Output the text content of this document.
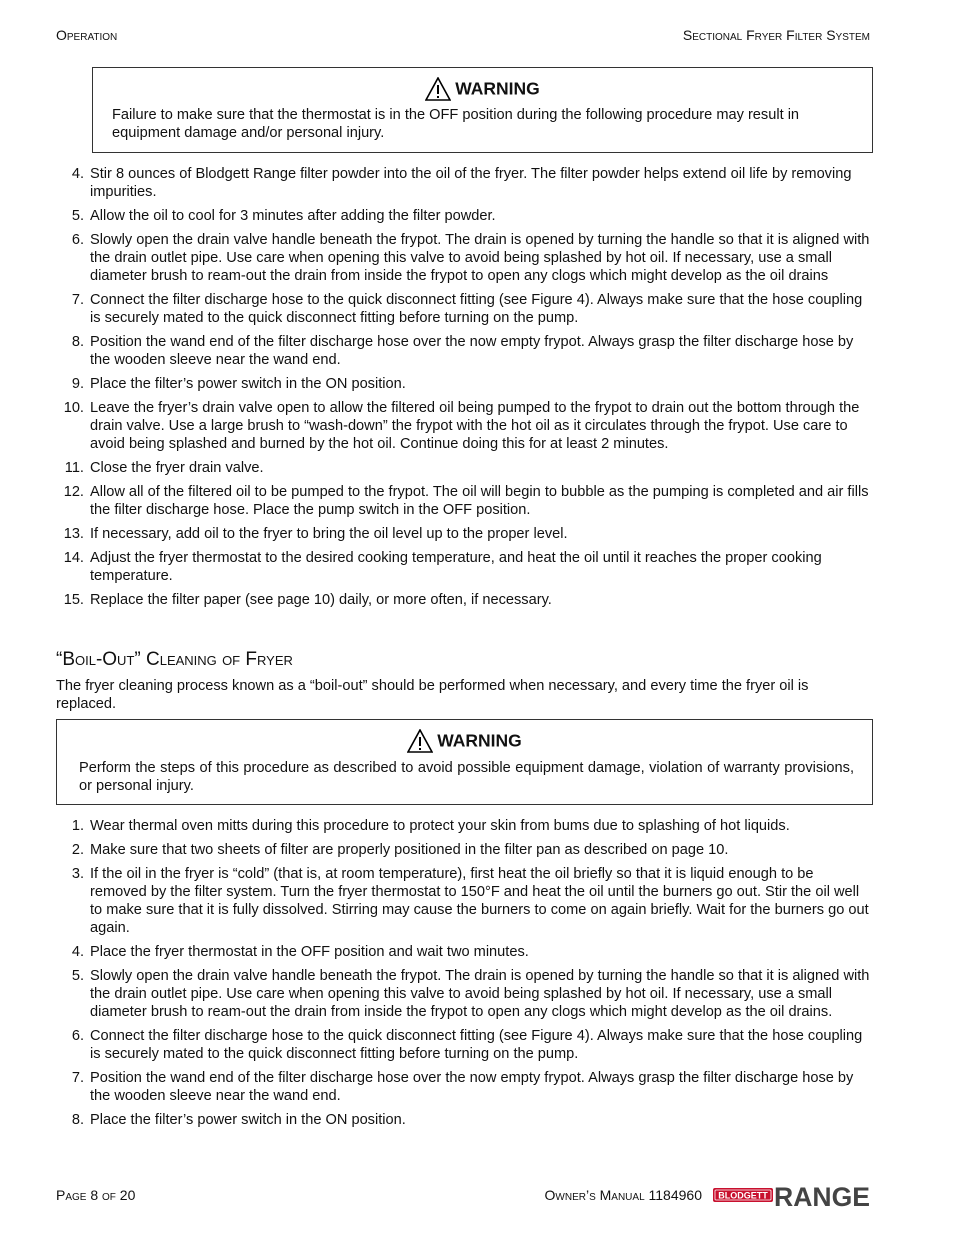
Operation	Sectional Fryer Filter System
WARNING
Failure to make sure that the thermostat is in the OFF position during the following procedure may result in equipment damage and/or personal injury.
4. Stir 8 ounces of Blodgett Range filter powder into the oil of the fryer. The filter powder helps extend oil life by removing impurities.
5. Allow the oil to cool for 3 minutes after adding the filter powder.
6. Slowly open the drain valve handle beneath the frypot. The drain is opened by turning the handle so that it is aligned with the drain outlet pipe. Use care when opening this valve to avoid being splashed by hot oil. If necessary, use a small diameter brush to ream-out the drain from inside the frypot to open any clogs which might develop as the oil drains
7. Connect the filter discharge hose to the quick disconnect fitting (see Figure 4). Always make sure that the hose coupling is securely mated to the quick disconnect fitting before turning on the pump.
8. Position the wand end of the filter discharge hose over the now empty frypot. Always grasp the filter discharge hose by the wooden sleeve near the wand end.
9. Place the filter’s power switch in the ON position.
10. Leave the fryer’s drain valve open to allow the filtered oil being pumped to the frypot to drain out the bottom through the drain valve. Use a large brush to “wash-down” the frypot with the hot oil as it circulates through the frypot. Use care to avoid being splashed and burned by the hot oil. Continue doing this for at least 2 minutes.
11. Close the fryer drain valve.
12. Allow all of the filtered oil to be pumped to the frypot. The oil will begin to bubble as the pumping is completed and air fills the filter discharge hose. Place the pump switch in the OFF position.
13. If necessary, add oil to the fryer to bring the oil level up to the proper level.
14. Adjust the fryer thermostat to the desired cooking temperature, and heat the oil until it reaches the proper cooking temperature.
15. Replace the filter paper (see page 10) daily, or more often, if necessary.
“Boil-Out” Cleaning of Fryer
The fryer cleaning process known as a “boil-out” should be performed when necessary, and every time the fryer oil is replaced.
WARNING
Perform the steps of this procedure as described to avoid possible equipment damage, violation of warranty provisions, or personal injury.
1. Wear thermal oven mitts during this procedure to protect your skin from bums due to splashing of hot liquids.
2. Make sure that two sheets of filter are properly positioned in the filter pan as described on page 10.
3. If the oil in the fryer is “cold” (that is, at room temperature), first heat the oil briefly so that it is liquid enough to be removed by the filter system. Turn the fryer thermostat to 150°F and heat the oil until the burners go out. Stir the oil well to make sure that it is fully dissolved. Stirring may cause the burners to come on again briefly. Wait for the burners go out again.
4. Place the fryer thermostat in the OFF position and wait two minutes.
5. Slowly open the drain valve handle beneath the frypot. The drain is opened by turning the handle so that it is aligned with the drain outlet pipe. Use care when opening this valve to avoid being splashed by hot oil. If necessary, use a small diameter brush to ream-out the drain from inside the frypot to open any clogs which might develop as the oil drains.
6. Connect the filter discharge hose to the quick disconnect fitting (see Figure 4). Always make sure that the hose coupling is securely mated to the quick disconnect fitting before turning on the pump.
7. Position the wand end of the filter discharge hose over the now empty frypot. Always grasp the filter discharge hose by the wooden sleeve near the wand end.
8. Place the filter’s power switch in the ON position.
Page 8 of 20	Owner’s Manual 1184960 BLODGETT RANGE
